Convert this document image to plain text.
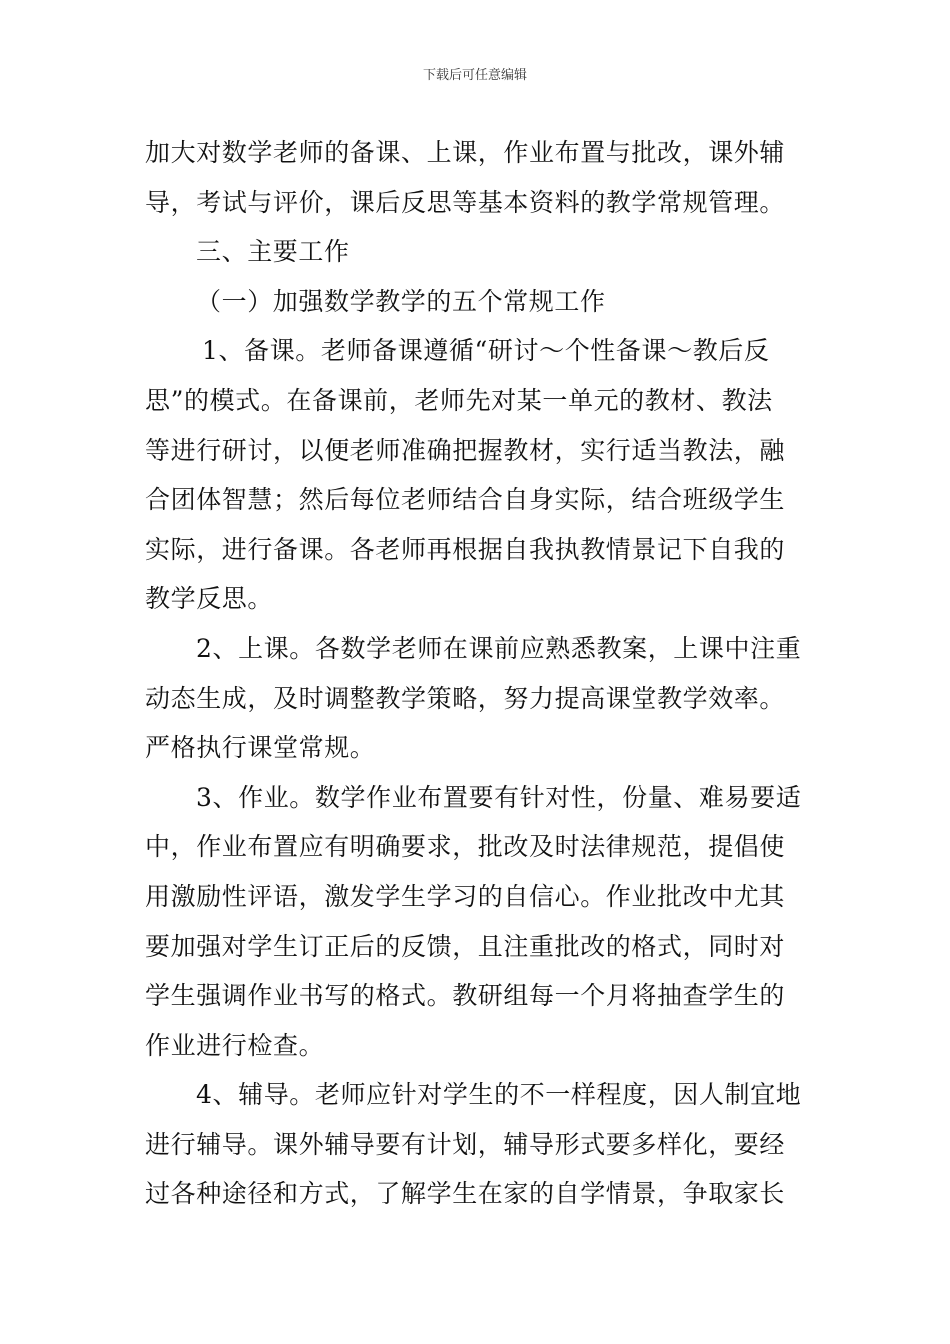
下载后可任意编辑
加大对数学老师的备课、上课，作业布置与批改，课外辅
导，考试与评价，课后反思等基本资料的教学常规管理。
三、主要工作
（一）加强数学教学的五个常规工作
1、备课。老师备课遵循“研讨～个性备课～教后反
思”的模式。在备课前，老师先对某一单元的教材、教法
等进行研讨，以便老师准确把握教材，实行适当教法，融
合团体智慧；然后每位老师结合自身实际，结合班级学生
实际，进行备课。各老师再根据自我执教情景记下自我的
教学反思。
2、上课。各数学老师在课前应熟悉教案，上课中注重
动态生成，及时调整教学策略，努力提高课堂教学效率。
严格执行课堂常规。
3、作业。数学作业布置要有针对性，份量、难易要适
中，作业布置应有明确要求，批改及时法律规范，提倡使
用激励性评语，激发学生学习的自信心。作业批改中尤其
要加强对学生订正后的反馈，且注重批改的格式，同时对
学生强调作业书写的格式。教研组每一个月将抽查学生的
作业进行检查。
4、辅导。老师应针对学生的不一样程度，因人制宜地
进行辅导。课外辅导要有计划，辅导形式要多样化，要经
过各种途径和方式，了解学生在家的自学情景，争取家长
